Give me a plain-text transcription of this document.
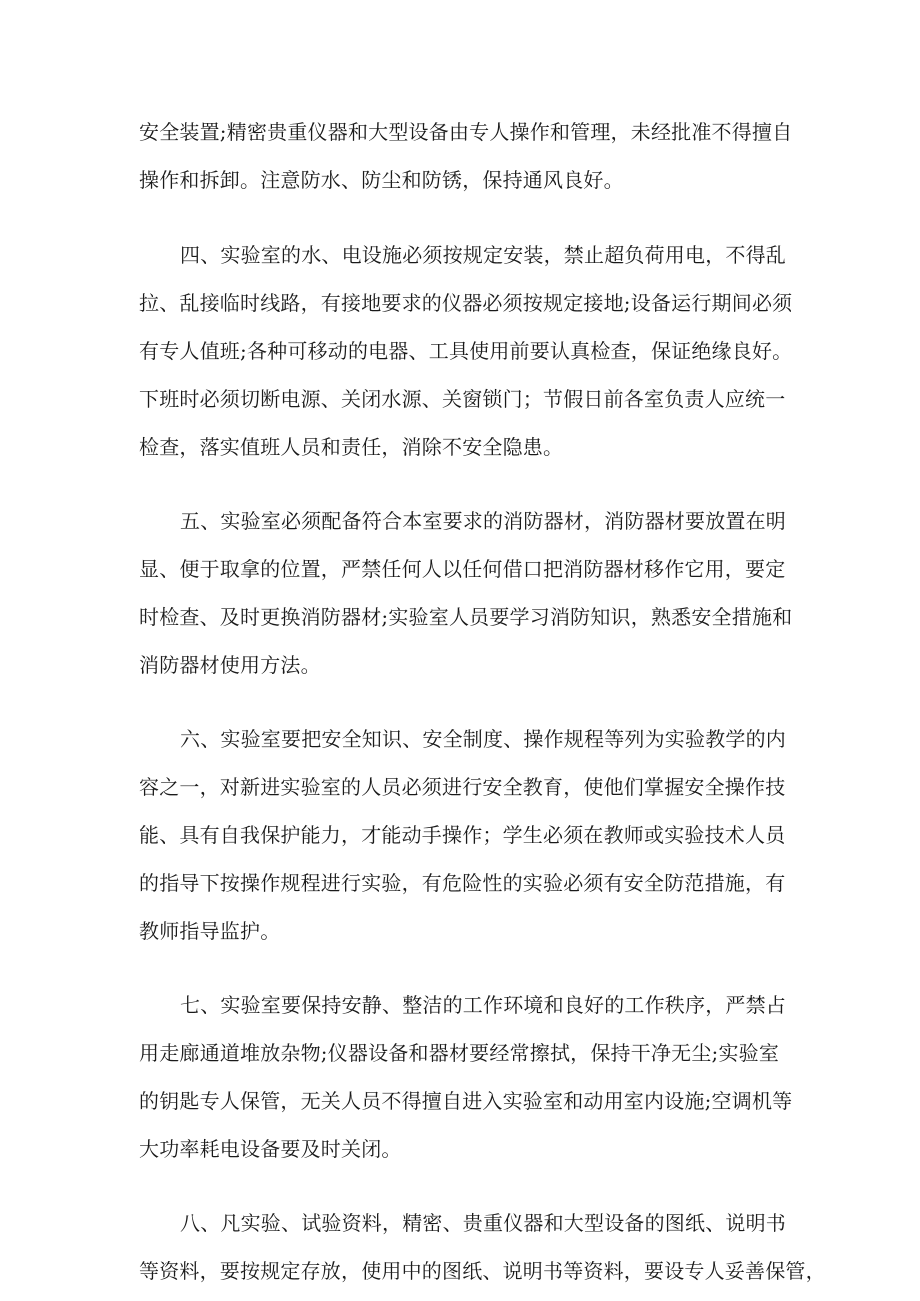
安全装置;精密贵重仪器和大型设备由专人操作和管理，未经批准不得擅自
操作和拆卸。注意防水、防尘和防锈，保持通风良好。
四、实验室的水、电设施必须按规定安装，禁止超负荷用电，不得乱
拉、乱接临时线路，有接地要求的仪器必须按规定接地;设备运行期间必须
有专人值班;各种可移动的电器、工具使用前要认真检查，保证绝缘良好。
下班时必须切断电源、关闭水源、关窗锁门；节假日前各室负责人应统一
检查，落实值班人员和责任，消除不安全隐患。
五、实验室必须配备符合本室要求的消防器材，消防器材要放置在明
显、便于取拿的位置，严禁任何人以任何借口把消防器材移作它用，要定
时检查、及时更换消防器材;实验室人员要学习消防知识，熟悉安全措施和
消防器材使用方法。
六、实验室要把安全知识、安全制度、操作规程等列为实验教学的内
容之一，对新进实验室的人员必须进行安全教育，使他们掌握安全操作技
能、具有自我保护能力，才能动手操作；学生必须在教师或实验技术人员
的指导下按操作规程进行实验，有危险性的实验必须有安全防范措施，有
教师指导监护。
七、实验室要保持安静、整洁的工作环境和良好的工作秩序，严禁占
用走廊通道堆放杂物;仪器设备和器材要经常擦拭，保持干净无尘;实验室
的钥匙专人保管，无关人员不得擅自进入实验室和动用室内设施;空调机等
大功率耗电设备要及时关闭。
八、凡实验、试验资料，精密、贵重仪器和大型设备的图纸、说明书
等资料，要按规定存放，使用中的图纸、说明书等资料，要设专人妥善保管，
